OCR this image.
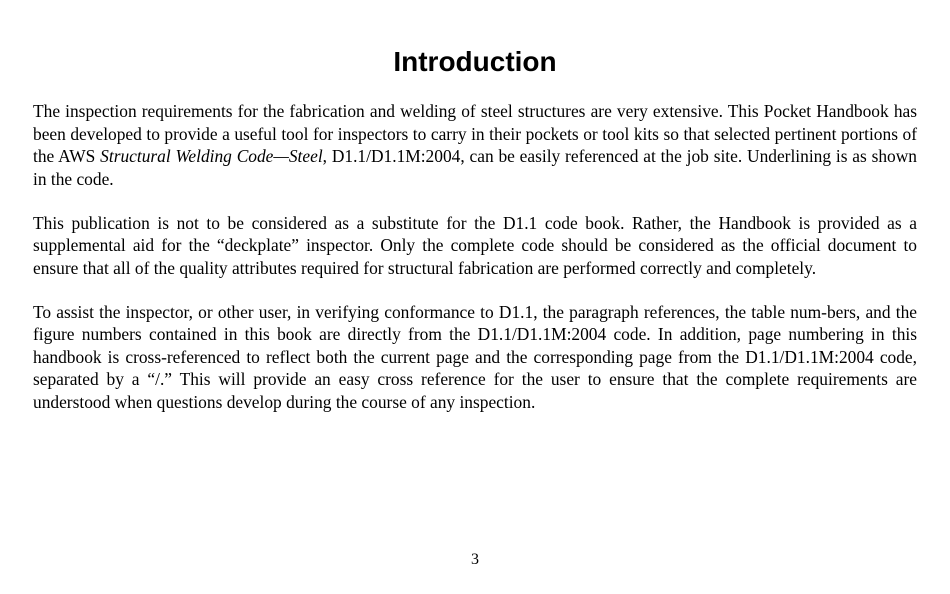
Introduction

The inspection requirements for the fabrication and welding of steel structures are very extensive. This Pocket Handbook has been developed to provide a useful tool for inspectors to carry in their pockets or tool kits so that selected pertinent portions of the AWS Structural Welding Code—Steel, D1.1/D1.1M:2004, can be easily referenced at the job site. Underlining is as shown in the code.

This publication is not to be considered as a substitute for the D1.1 code book. Rather, the Handbook is provided as a supplemental aid for the “deckplate” inspector. Only the complete code should be considered as the official document to ensure that all of the quality attributes required for structural fabrication are performed correctly and completely.

To assist the inspector, or other user, in verifying conformance to D1.1, the paragraph references, the table num-bers, and the figure numbers contained in this book are directly from the D1.1/D1.1M:2004 code. In addition, page numbering in this handbook is cross-referenced to reflect both the current page and the corresponding page from the D1.1/D1.1M:2004 code, separated by a “/.” This will provide an easy cross reference for the user to ensure that the complete requirements are understood when questions develop during the course of any inspection.

3
